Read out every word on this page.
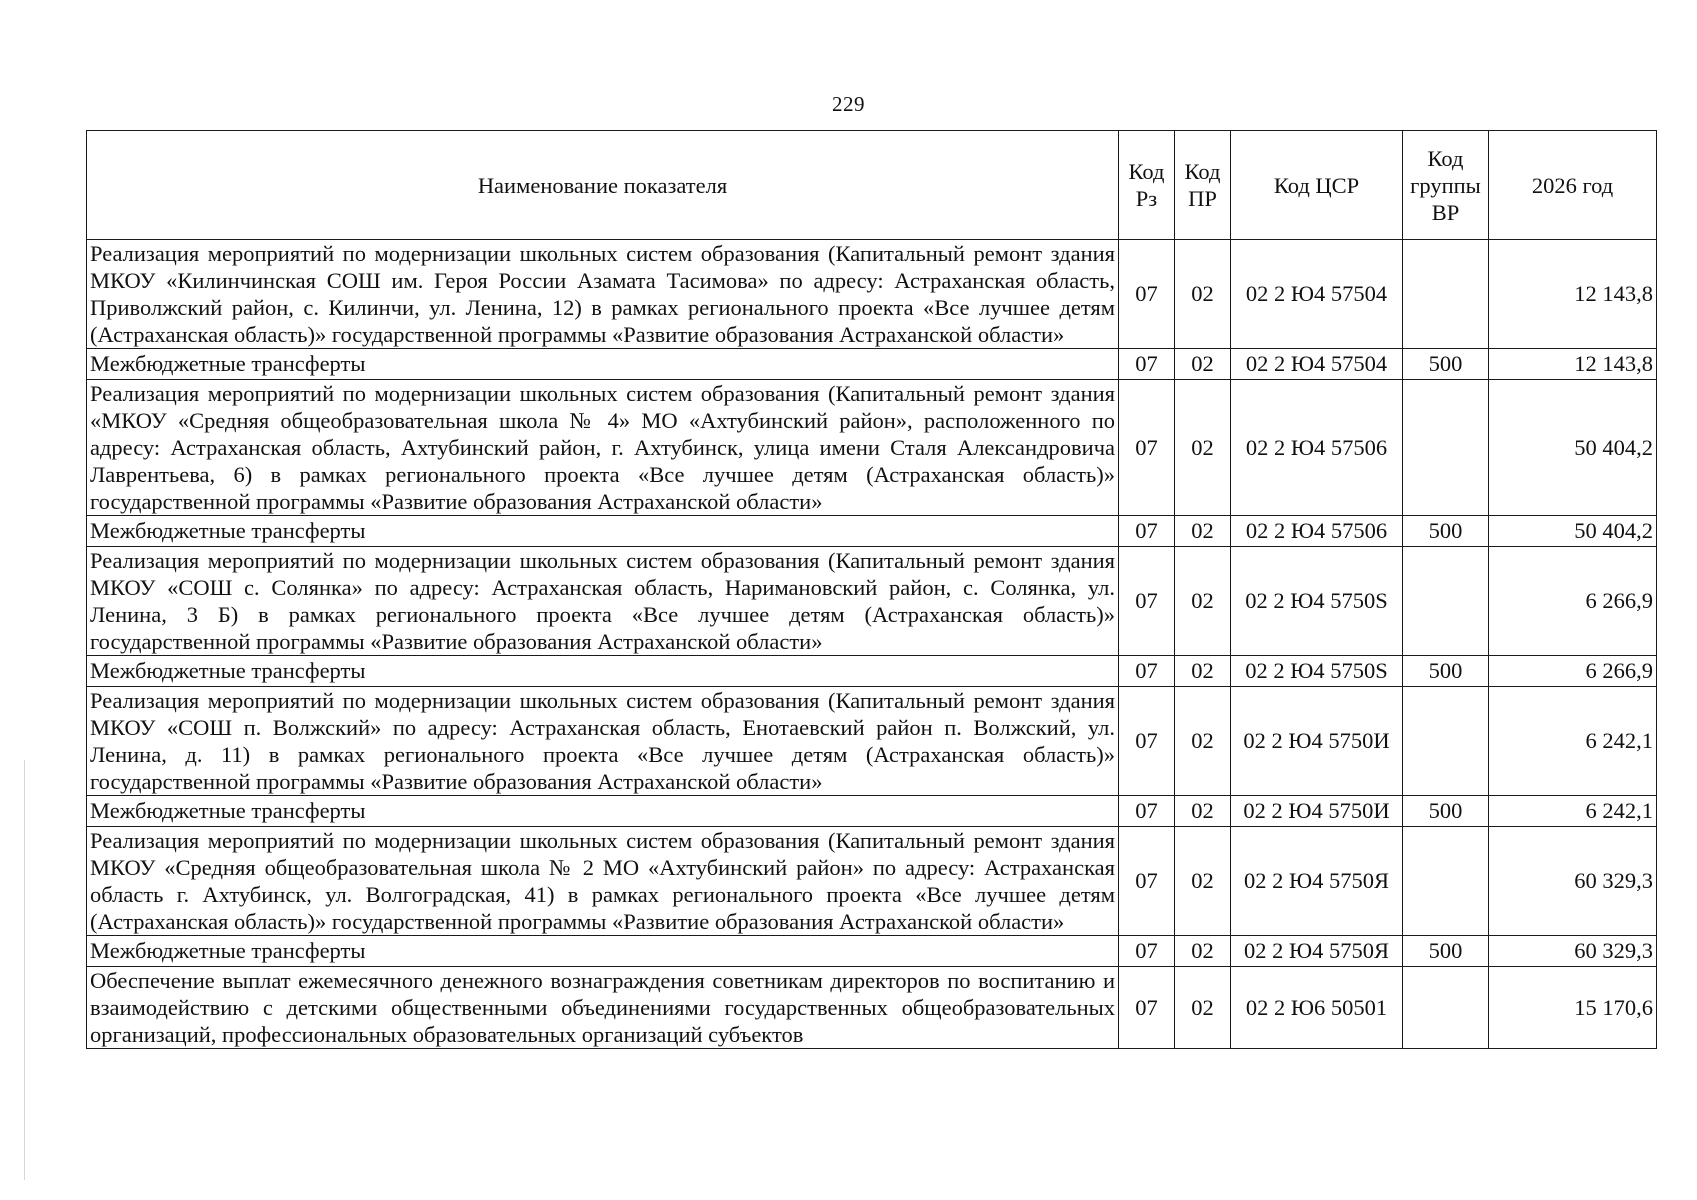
229
Наименование показателя	Код Рз	Код ПР	Код ЦСР	Код группы ВР	2026 год
Реализация мероприятий по модернизации школьных систем образования (Капитальный ремонт здания МКОУ «Килинчинская СОШ им. Героя России Азамата Тасимова» по адресу: Астраханская область, Приволжский район, с. Килинчи, ул. Ленина, 12) в рамках регионального проекта «Все лучшее детям (Астраханская область)» государственной программы «Развитие образования Астраханской области»	07	02	02 2 Ю4 57504		12 143,8
Межбюджетные трансферты	07	02	02 2 Ю4 57504	500	12 143,8
Реализация мероприятий по модернизации школьных систем образования (Капитальный ремонт здания «МКОУ «Средняя общеобразовательная школа № 4» МО «Ахтубинский район», расположенного по адресу: Астраханская область, Ахтубинский район, г. Ахтубинск, улица имени Сталя Александровича Лаврентьева, 6) в рамках регионального проекта «Все лучшее детям (Астраханская область)» государственной программы «Развитие образования Астраханской области»	07	02	02 2 Ю4 57506		50 404,2
Межбюджетные трансферты	07	02	02 2 Ю4 57506	500	50 404,2
Реализация мероприятий по модернизации школьных систем образования (Капитальный ремонт здания МКОУ «СОШ с. Солянка» по адресу: Астраханская область, Наримановский район, с. Солянка, ул. Ленина, 3 Б) в рамках регионального проекта «Все лучшее детям (Астраханская область)» государственной программы «Развитие образования Астраханской области»	07	02	02 2 Ю4 5750S		6 266,9
Межбюджетные трансферты	07	02	02 2 Ю4 5750S	500	6 266,9
Реализация мероприятий по модернизации школьных систем образования (Капитальный ремонт здания МКОУ «СОШ п. Волжский» по адресу: Астраханская область, Енотаевский район п. Волжский, ул. Ленина, д. 11) в рамках регионального проекта «Все лучшее детям (Астраханская область)» государственной программы «Развитие образования Астраханской области»	07	02	02 2 Ю4 5750И		6 242,1
Межбюджетные трансферты	07	02	02 2 Ю4 5750И	500	6 242,1
Реализация мероприятий по модернизации школьных систем образования (Капитальный ремонт здания МКОУ «Средняя общеобразовательная школа № 2 МО «Ахтубинский район» по адресу: Астраханская область г. Ахтубинск, ул. Волгоградская, 41) в рамках регионального проекта «Все лучшее детям (Астраханская область)» государственной программы «Развитие образования Астраханской области»	07	02	02 2 Ю4 5750Я		60 329,3
Межбюджетные трансферты	07	02	02 2 Ю4 5750Я	500	60 329,3
Обеспечение выплат ежемесячного денежного вознаграждения советникам директоров по воспитанию и взаимодействию с детскими общественными объединениями государственных общеобразовательных организаций, профессиональных образовательных организаций субъектов	07	02	02 2 Ю6 50501		15 170,6
